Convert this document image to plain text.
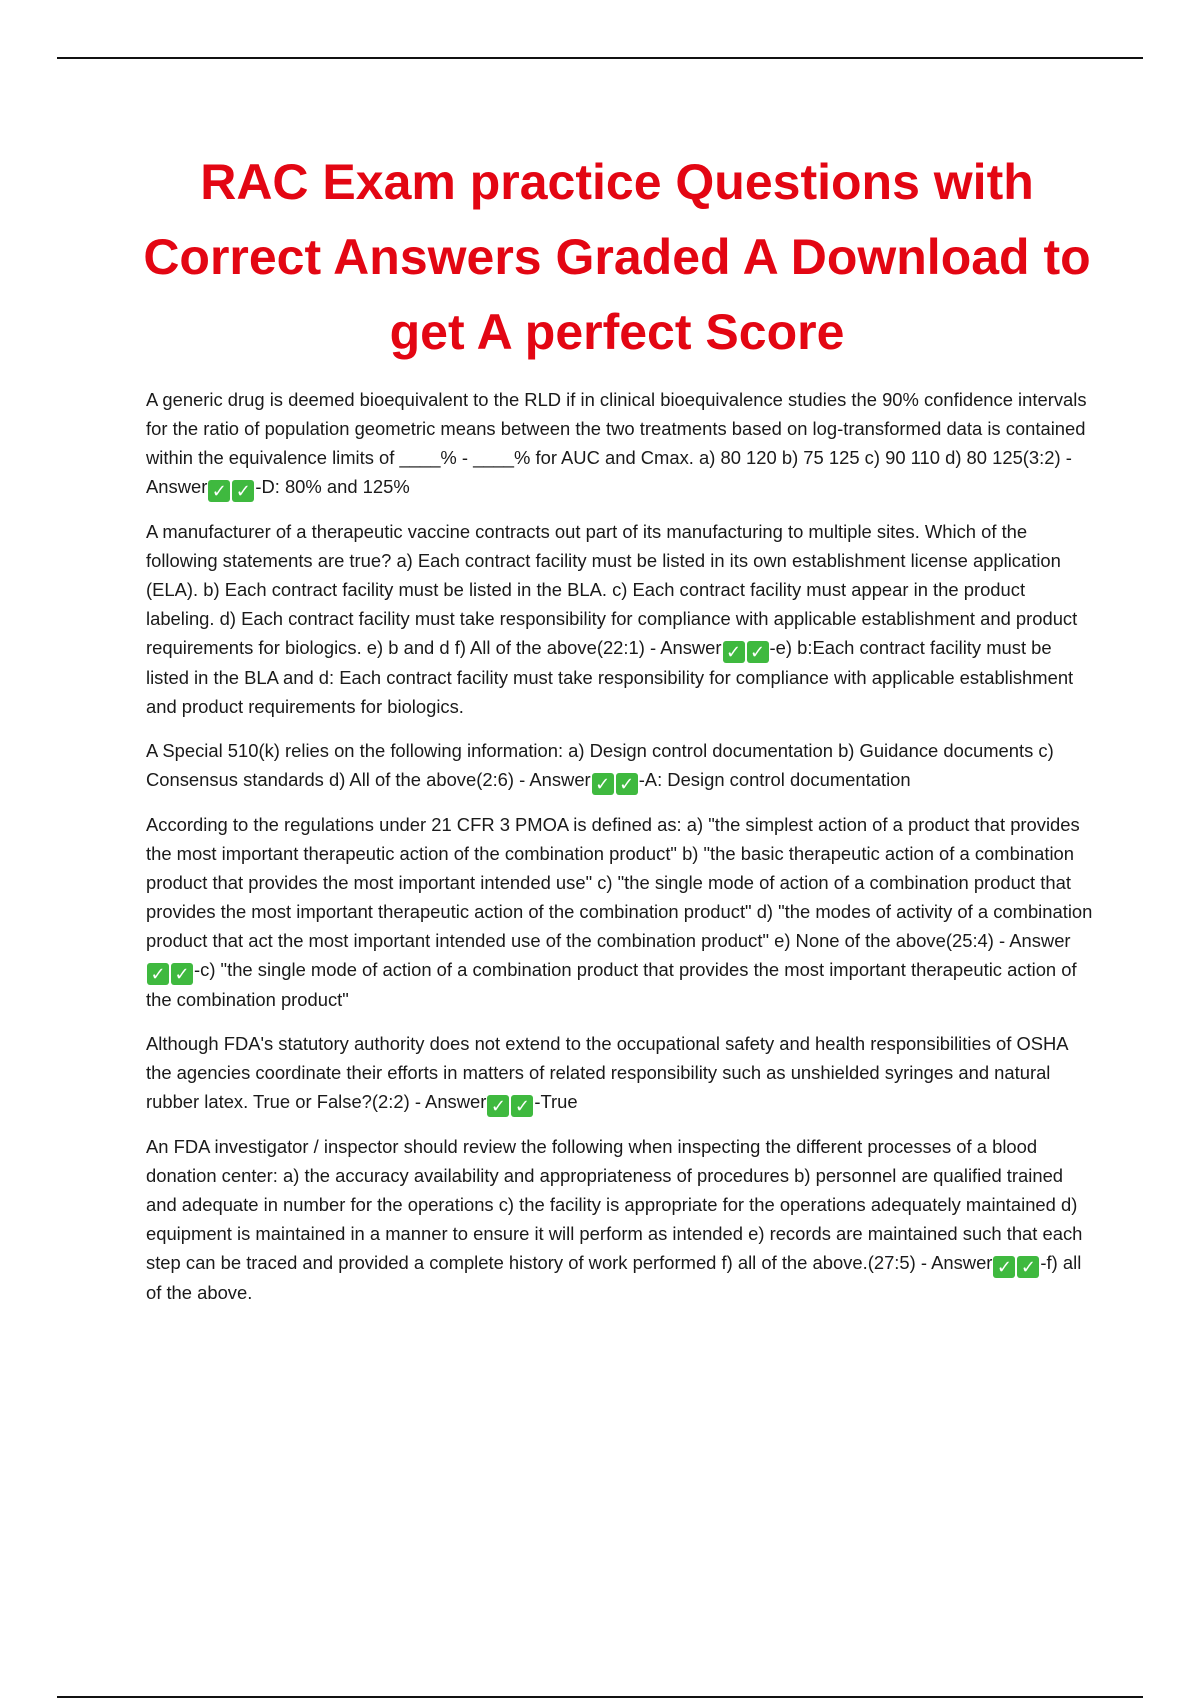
RAC Exam practice Questions with Correct Answers Graded A Download to get A perfect Score

A generic drug is deemed bioequivalent to the RLD if in clinical bioequivalence studies the 90% confidence intervals for the ratio of population geometric means between the two treatments based on log-transformed data is contained within the equivalence limits of ____% - ____% for AUC and Cmax. a) 80 120 b) 75 125 c) 90 110 d) 80 125(3:2) - Answer ✓ ✓ -D: 80% and 125%

A manufacturer of a therapeutic vaccine contracts out part of its manufacturing to multiple sites. Which of the following statements are true? a) Each contract facility must be listed in its own establishment license application (ELA). b) Each contract facility must be listed in the BLA. c) Each contract facility must appear in the product labeling. d) Each contract facility must take responsibility for compliance with applicable establishment and product requirements for biologics. e) b and d f) All of the above(22:1) - Answer ✓ ✓ -e) b:Each contract facility must be listed in the BLA and d: Each contract facility must take responsibility for compliance with applicable establishment and product requirements for biologics.

A Special 510(k) relies on the following information: a) Design control documentation b) Guidance documents c) Consensus standards d) All of the above(2:6) - Answer ✓ ✓ -A: Design control documentation

According to the regulations under 21 CFR 3 PMOA is defined as: a) "the simplest action of a product that provides the most important therapeutic action of the combination product" b) "the basic therapeutic action of a combination product that provides the most important intended use" c) "the single mode of action of a combination product that provides the most important therapeutic action of the combination product" d) "the modes of activity of a combination product that act the most important intended use of the combination product" e) None of the above(25:4) - Answer✓ ✓ -c) "the single mode of action of a combination product that provides the most important therapeutic action of the combination product"

Although FDA's statutory authority does not extend to the occupational safety and health responsibilities of OSHA the agencies coordinate their efforts in matters of related responsibility such as unshielded syringes and natural rubber latex. True or False?(2:2) - Answer ✓ ✓ -True

An FDA investigator / inspector should review the following when inspecting the different processes of a blood donation center: a) the accuracy availability and appropriateness of procedures b) personnel are qualified trained and adequate in number for the operations c) the facility is appropriate for the operations adequately maintained d) equipment is maintained in a manner to ensure it will perform as intended e) records are maintained such that each step can be traced and provided a complete history of work performed f) all of the above.(27:5) - Answer ✓ ✓ -f) all of the above.
